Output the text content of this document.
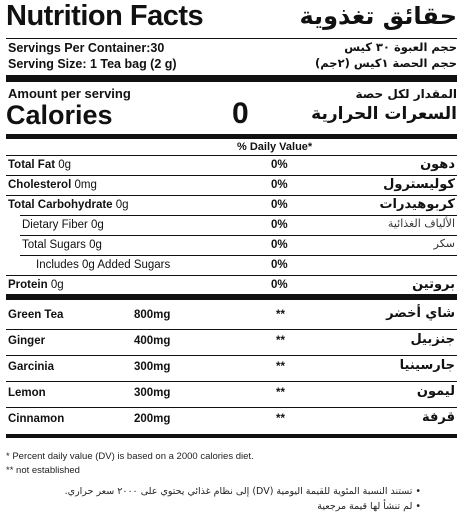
Nutrition Facts	حقائق تغذوية
Servings Per Container:30	حجم العبوة ٣٠ كيس
Serving Size: 1 Tea bag (2 g)	حجم الحصة ١كيس (٢جم)
Amount per serving	المقدار لكل حصة
Calories	0	السعرات الحرارية
% Daily Value*
Total Fat 0g	0%	دهون
Cholesterol 0mg	0%	كوليسترول
Total Carbohydrate 0g	0%	كربوهيدرات
Dietary Fiber 0g	0%	الألياف الغذائية
Total Sugars 0g	0%	سكر
Includes 0g Added Sugars	0%
Protein 0g	0%	بروتين
Green Tea	800mg	**	شاي أخضر
Ginger	400mg	**	جنزبيل
Garcinia	300mg	**	جارسينيا
Lemon	300mg	**	ليمون
Cinnamon	200mg	**	قرفة
* Percent daily value (DV) is based on a 2000 calories diet.
** not established
• تستند النسبة المئوية للقيمة اليومية (DV) إلى نظام غذائي يحتوي على ٢٠٠٠ سعر حراري.
• لم تنشأ لها قيمة مرجعية
